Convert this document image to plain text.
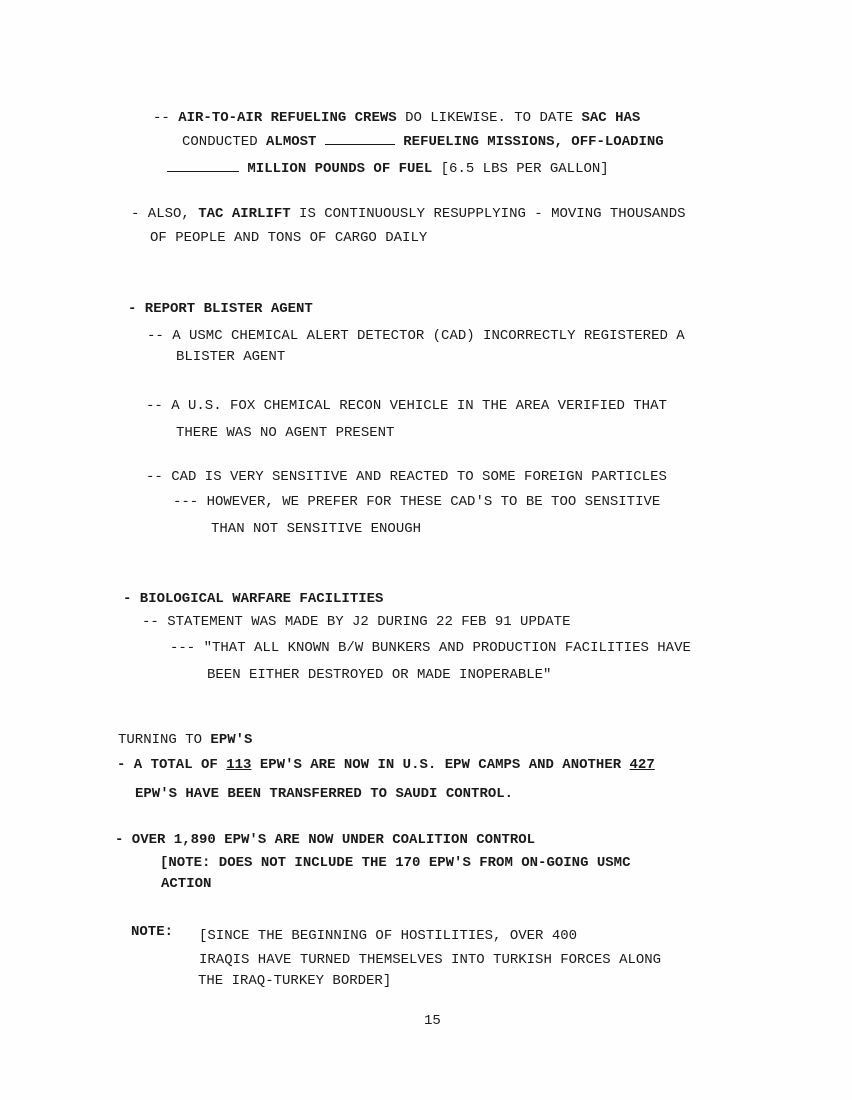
-- AIR-TO-AIR REFUELING CREWS DO LIKEWISE. TO DATE SAC HAS
CONDUCTED ALMOST	REFUELING MISSIONS, OFF-LOADING
MILLION POUNDS OF FUEL [6.5 LBS PER GALLON]
- ALSO, TAC AIRLIFT IS CONTINUOUSLY RESUPPLYING - MOVING THOUSANDS
OF PEOPLE AND TONS OF CARGO DAILY
- REPORT BLISTER AGENT
-- A USMC CHEMICAL ALERT DETECTOR (CAD) INCORRECTLY REGISTERED A
BLISTER AGENT
-- A U.S. FOX CHEMICAL RECON VEHICLE IN THE AREA VERIFIED THAT
THERE WAS NO AGENT PRESENT
-- CAD IS VERY SENSITIVE AND REACTED TO SOME FOREIGN PARTICLES
--- HOWEVER, WE PREFER FOR THESE CAD'S TO BE TOO SENSITIVE
THAN NOT SENSITIVE ENOUGH
- BIOLOGICAL WARFARE FACILITIES
-- STATEMENT WAS MADE BY J2 DURING 22 FEB 91 UPDATE
--- "THAT ALL KNOWN B/W BUNKERS AND PRODUCTION FACILITIES HAVE
BEEN EITHER DESTROYED OR MADE INOPERABLE"
TURNING TO EPW'S
- A TOTAL OF 113 EPW'S ARE NOW IN U.S. EPW CAMPS AND ANOTHER 427
EPW'S HAVE BEEN TRANSFERRED TO SAUDI CONTROL.
- OVER 1,890 EPW'S ARE NOW UNDER COALITION CONTROL
[NOTE: DOES NOT INCLUDE THE 170 EPW'S FROM ON-GOING USMC
ACTION
NOTE: [SINCE THE BEGINNING OF HOSTILITIES, OVER 400
IRAQIS HAVE TURNED THEMSELVES INTO TURKISH FORCES ALONG
THE IRAQ-TURKEY BORDER]
15
